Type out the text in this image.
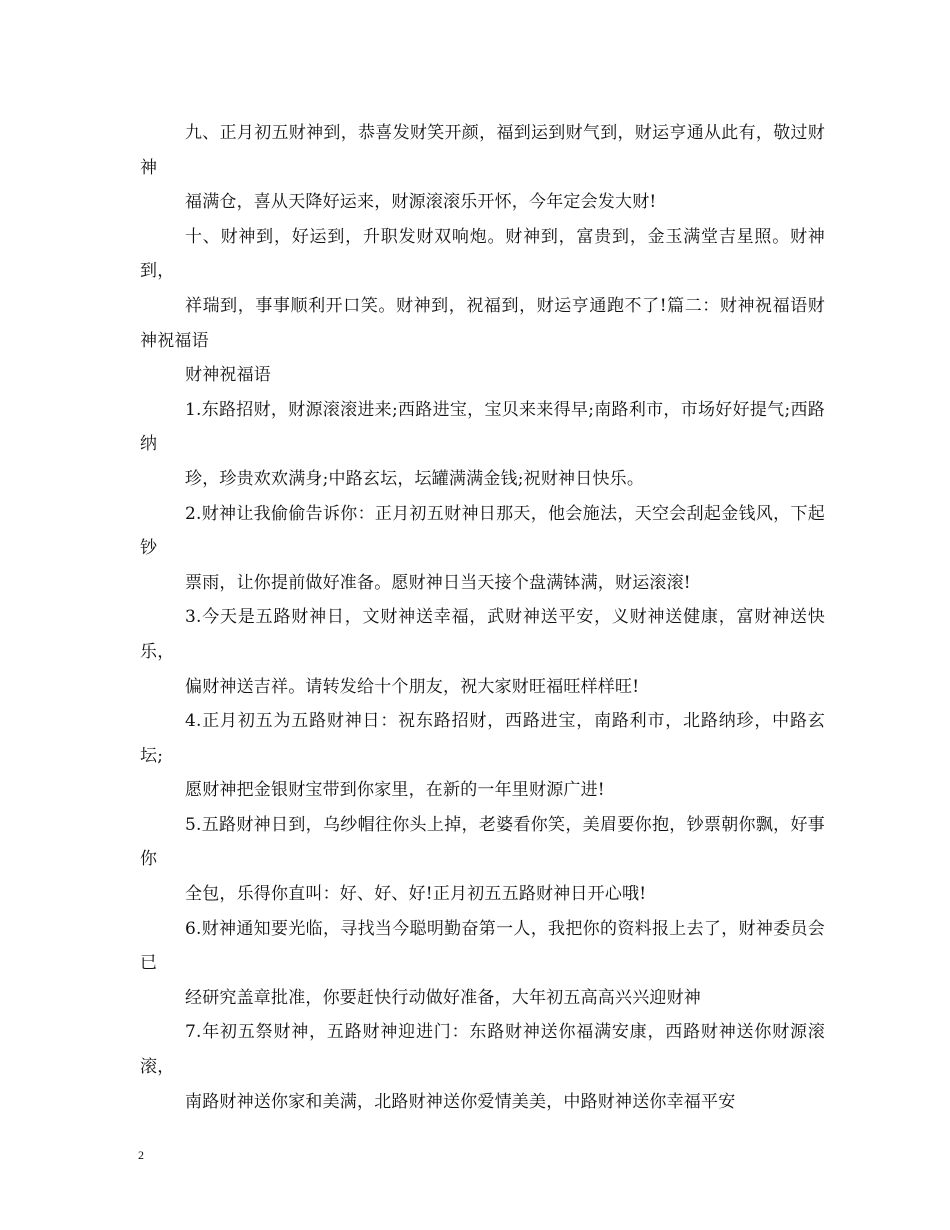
九、正月初五财神到，恭喜发财笑开颜，福到运到财气到，财运亨通从此有，敬过财神

福满仓，喜从天降好运来，财源滚滚乐开怀，今年定会发大财!

十、财神到，好运到，升职发财双响炮。财神到，富贵到，金玉满堂吉星照。财神到，

祥瑞到，事事顺利开口笑。财神到，祝福到，财运亨通跑不了!篇二：财神祝福语财神祝福语

财神祝福语

1.东路招财，财源滚滚进来;西路进宝，宝贝来来得早;南路利市，市场好好提气;西路纳

珍，珍贵欢欢满身;中路玄坛，坛罐满满金钱;祝财神日快乐。

2.财神让我偷偷告诉你：正月初五财神日那天，他会施法，天空会刮起金钱风，下起钞

票雨，让你提前做好准备。愿财神日当天接个盘满钵满，财运滚滚!

3.今天是五路财神日，文财神送幸福，武财神送平安，义财神送健康，富财神送快乐，

偏财神送吉祥。请转发给十个朋友，祝大家财旺福旺样样旺!

4.正月初五为五路财神日：祝东路招财，西路进宝，南路利市，北路纳珍，中路玄坛;

愿财神把金银财宝带到你家里，在新的一年里财源广进!

5.五路财神日到，乌纱帽往你头上掉，老婆看你笑，美眉要你抱，钞票朝你飘，好事你

全包，乐得你直叫：好、好、好!正月初五五路财神日开心哦!

6.财神通知要光临，寻找当今聪明勤奋第一人，我把你的资料报上去了，财神委员会已

经研究盖章批准，你要赶快行动做好准备，大年初五高高兴兴迎财神

7.年初五祭财神，五路财神迎进门：东路财神送你福满安康，西路财神送你财源滚滚，

南路财神送你家和美满，北路财神送你爱情美美，中路财神送你幸福平安

2
